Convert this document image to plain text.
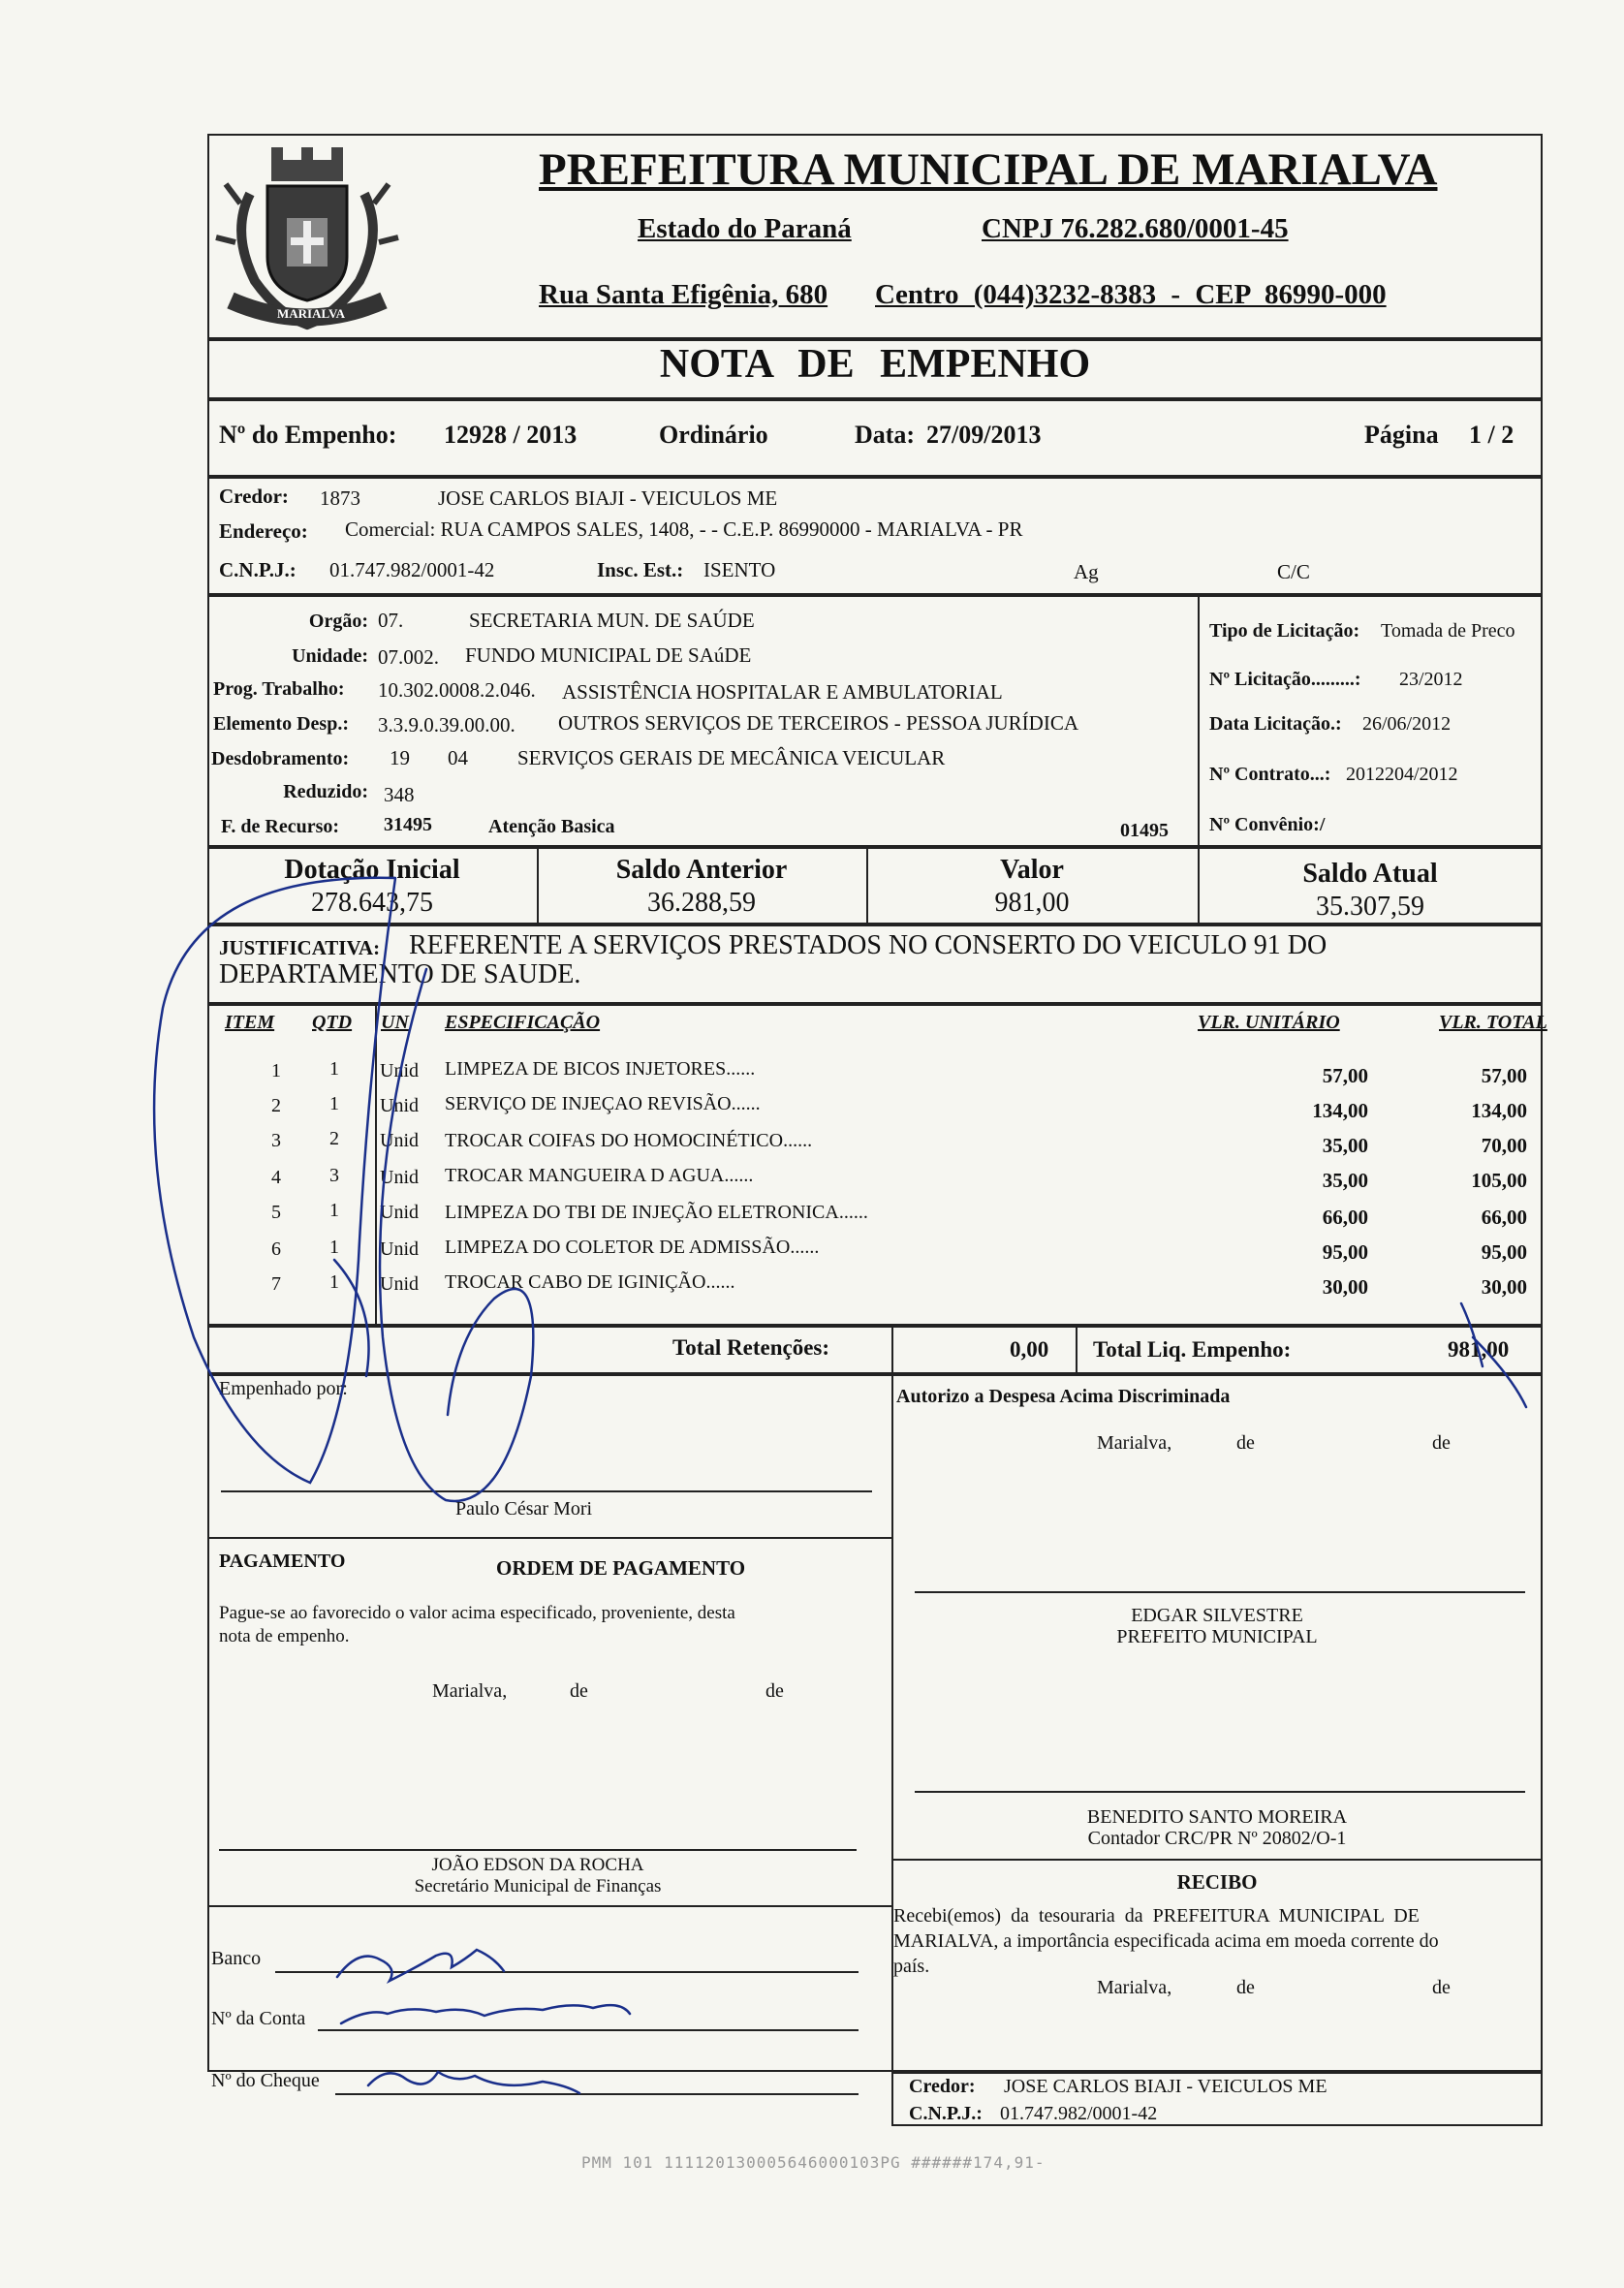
MARIALVA
PREFEITURA MUNICIPAL DE MARIALVA
Estado do Paraná	CNPJ 76.282.680/0001-45
Rua Santa Efigênia, 680 Centro (044)3232-8383 - CEP 86990-000
NOTA DE EMPENHO
Nº do Empenho: 12928 / 2013	Ordinário	Data: 27/09/2013	Página 1 / 2
Credor: 1873	JOSE CARLOS BIAJI - VEICULOS ME
Endereço: Comercial: RUA CAMPOS SALES, 1408, - - C.E.P. 86990000 - MARIALVA - PR
C.N.P.J.: 01.747.982/0001-42	Insc. Est.: ISENTO	Ag	C/C
Orgão: 07.	SECRETARIA MUN. DE SAÚDE
Unidade: 07.002. FUNDO MUNICIPAL DE SAúDE
Prog. Trabalho: 10.302.0008.2.046. ASSISTÊNCIA HOSPITALAR E AMBULATORIAL
Elemento Desp.: 3.3.9.0.39.00.00. OUTROS SERVIÇOS DE TERCEIROS - PESSOA JURÍDICA
Desdobramento: 19 04 SERVIÇOS GERAIS DE MECÂNICA VEICULAR
Reduzido: 348
F. de Recurso: 31495	Atenção Basica	01495
Tipo de Licitação: Tomada de Preco
Nº Licitação.........: 23/2012
Data Licitação.: 26/06/2012
Nº Contrato...: 2012204/2012
Nº Convênio:/
Dotação Inicial
278.643,75
Saldo Anterior
36.288,59
Valor
981,00
Saldo Atual
35.307,59
JUSTIFICATIVA: REFERENTE A SERVIÇOS PRESTADOS NO CONSERTO DO VEICULO 91 DO
DEPARTAMENTO DE SAUDE.
ITEM QTD UN ESPECIFICAÇÃO	VLR. UNITÁRIO	VLR. TOTAL
1	1 Unid LIMPEZA DE BICOS INJETORES......	57,00	57,00
2	1 Unid SERVIÇO DE INJEÇAO REVISÃO......	134,00	134,00
3	2 Unid TROCAR COIFAS DO HOMOCINÉTICO......	35,00	70,00
4	3 Unid TROCAR MANGUEIRA D AGUA......	35,00	105,00
5	1 Unid LIMPEZA DO TBI DE INJEÇÃO ELETRONICA......	66,00	66,00
6	1 Unid LIMPEZA DO COLETOR DE ADMISSÃO......	95,00	95,00
7	1 Unid TROCAR CABO DE IGINIÇÃO......	30,00	30,00
Total Retenções:	0,00 Total Liq. Empenho:	981,00
Empenhado por:
Paulo César Mori
Autorizo a Despesa Acima Discriminada
Marialva,	de	de
EDGAR SILVESTRE
PREFEITO MUNICIPAL
PAGAMENTO	ORDEM DE PAGAMENTO
Pague-se ao favorecido o valor acima especificado, proveniente, desta
nota de empenho.
Marialva,	de	de
JOÃO EDSON DA ROCHA
Secretário Municipal de Finanças
Banco
Nº da Conta
Nº do Cheque
BENEDITO SANTO MOREIRA
Contador CRC/PR Nº 20802/O-1
RECIBO
Recebi(emos) da tesouraria da PREFEITURA MUNICIPAL DE
MARIALVA, a importância especificada acima em moeda corrente do
país.
Marialva,	de	de
Credor: JOSE CARLOS BIAJI - VEICULOS ME
C.N.P.J.: 01.747.982/0001-42
PMM 101 111120130005646000103PG ######174,91-
